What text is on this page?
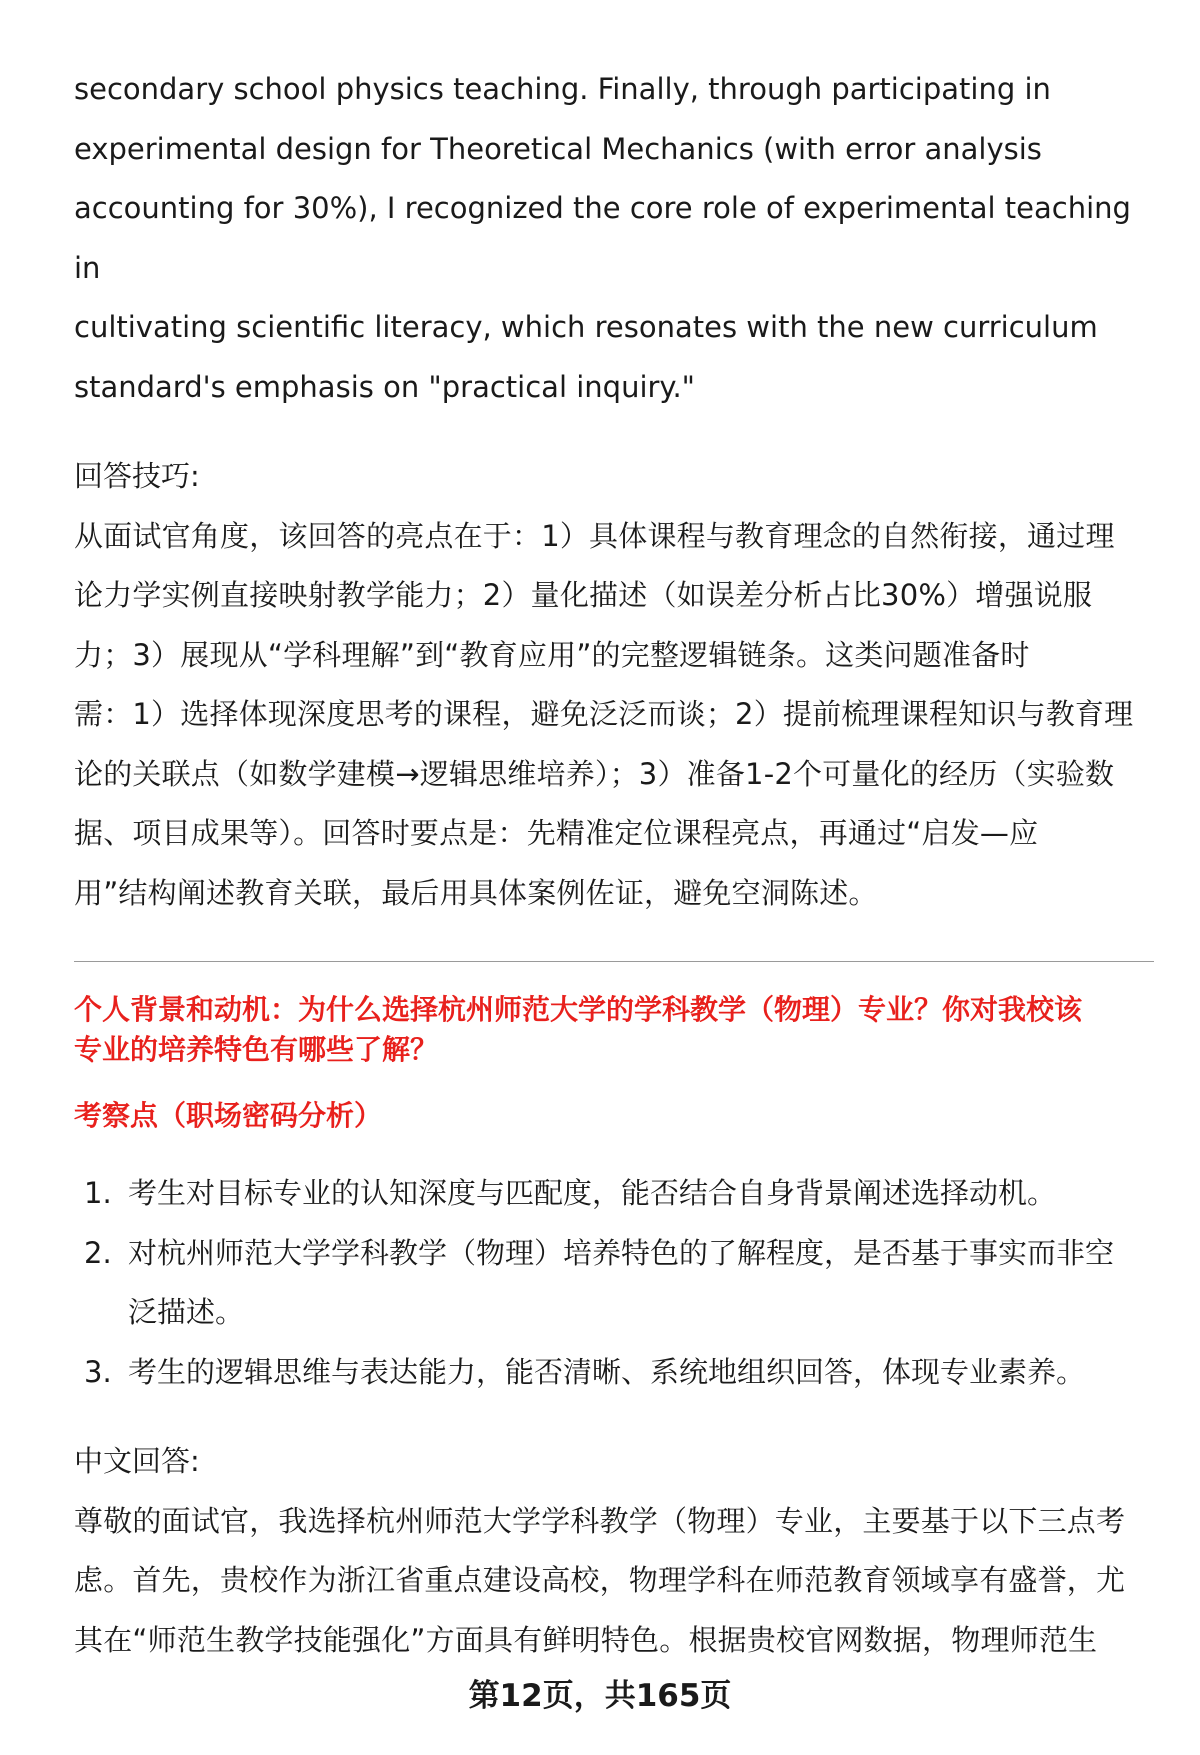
secondary school physics teaching. Finally, through participating in

experimental design for Theoretical Mechanics (with error analysis

accounting for 30%), I recognized the core role of experimental teaching in

cultivating scientific literacy, which resonates with the new curriculum

standard's emphasis on "practical inquiry."

回答技巧:

从面试官角度，该回答的亮点在于：1）具体课程与教育理念的自然衔接，通过理

论力学实例直接映射教学能力；2）量化描述（如误差分析占比30%）增强说服

力；3）展现从“学科理解”到“教育应用”的完整逻辑链条。这类问题准备时

需：1）选择体现深度思考的课程，避免泛泛而谈；2）提前梳理课程知识与教育理

论的关联点（如数学建模→逻辑思维培养）；3）准备1-2个可量化的经历（实验数

据、项目成果等）。回答时要点是：先精准定位课程亮点，再通过“启发—应

用”结构阐述教育关联，最后用具体案例佐证，避免空洞陈述。

个人背景和动机：为什么选择杭州师范大学的学科教学（物理）专业？你对我校该

专业的培养特色有哪些了解？

考察点（职场密码分析）

1. 考生对目标专业的认知深度与匹配度，能否结合自身背景阐述选择动机。
2. 对杭州师范大学学科教学（物理）培养特色的了解程度，是否基于事实而非空
泛描述。
3. 考生的逻辑思维与表达能力，能否清晰、系统地组织回答，体现专业素养。

中文回答:

尊敬的面试官，我选择杭州师范大学学科教学（物理）专业，主要基于以下三点考

虑。首先，贵校作为浙江省重点建设高校，物理学科在师范教育领域享有盛誉，尤

其在“师范生教学技能强化”方面具有鲜明特色。根据贵校官网数据，物理师范生

第12页，共165页
